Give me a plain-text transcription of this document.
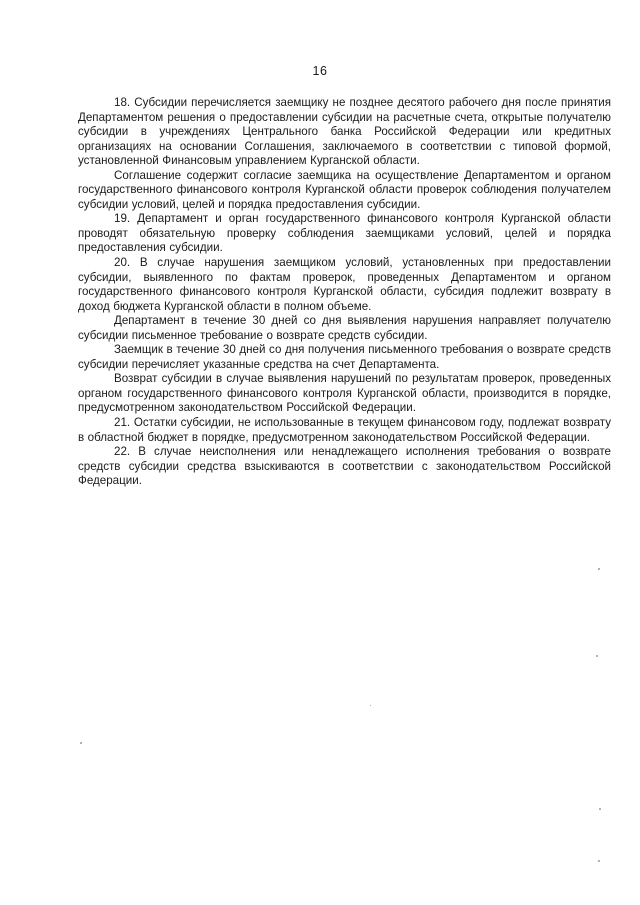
16

18. Субсидии перечисляется заемщику не позднее десятого рабочего дня после принятия Департаментом решения о предоставлении субсидии на расчетные счета, открытые получателю субсидии в учреждениях Центрального банка Российской Федерации или кредитных организациях на основании Соглашения, заключаемого в соответствии с типовой формой, установленной Финансовым управлением Курганской области.

Соглашение содержит согласие заемщика на осуществление Департаментом и органом государственного финансового контроля Курганской области проверок соблюдения получателем субсидии условий, целей и порядка предоставления субсидии.

19. Департамент и орган государственного финансового контроля Курганской области проводят обязательную проверку соблюдения заемщиками условий, целей и порядка предоставления субсидии.

20. В случае нарушения заемщиком условий, установленных при предоставлении субсидии, выявленного по фактам проверок, проведенных Департаментом и органом государственного финансового контроля Курганской области, субсидия подлежит возврату в доход бюджета Курганской области в полном объеме.

Департамент в течение 30 дней со дня выявления нарушения направляет получателю субсидии письменное требование о возврате средств субсидии.

Заемщик в течение 30 дней со дня получения письменного требования о возврате средств субсидии перечисляет указанные средства на счет Департамента.

Возврат субсидии в случае выявления нарушений по результатам проверок, проведенных органом государственного финансового контроля Курганской области, производится в порядке, предусмотренном законодательством Российской Федерации.

21. Остатки субсидии, не использованные в текущем финансовом году, подлежат возврату в областной бюджет в порядке, предусмотренном законодательством Российской Федерации.

22. В случае неисполнения или ненадлежащего исполнения требования о возврате средств субсидии средства взыскиваются в соответствии с законодательством Российской Федерации.
